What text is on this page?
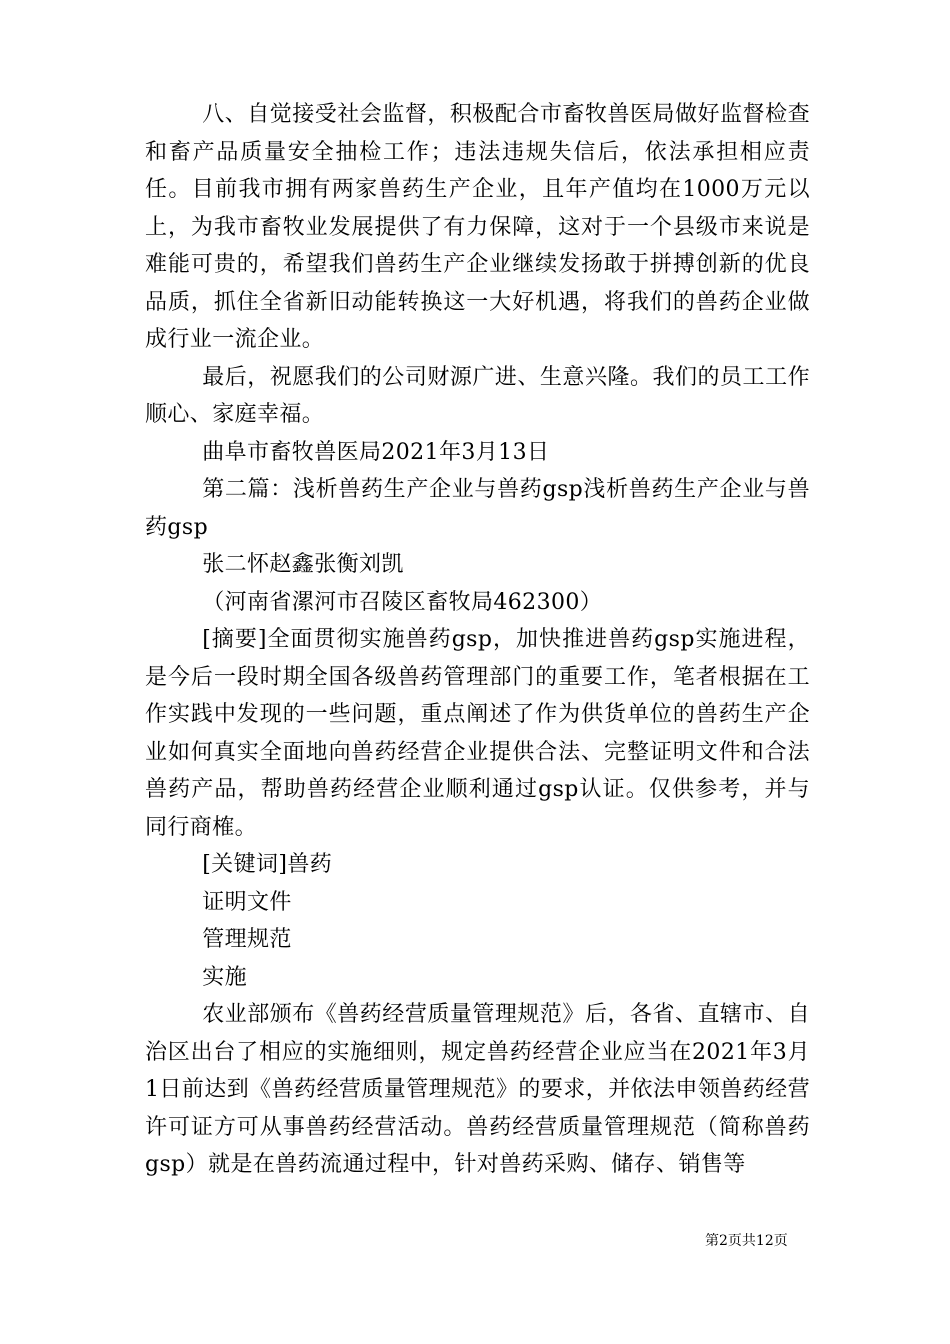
八、自觉接受社会监督，积极配合市畜牧兽医局做好监督检查和畜产品质量安全抽检工作；违法违规失信后，依法承担相应责任。目前我市拥有两家兽药生产企业，且年产值均在1000万元以上，为我市畜牧业发展提供了有力保障，这对于一个县级市来说是难能可贵的，希望我们兽药生产企业继续发扬敢于拼搏创新的优良品质，抓住全省新旧动能转换这一大好机遇，将我们的兽药企业做成行业一流企业。

最后，祝愿我们的公司财源广进、生意兴隆。我们的员工工作顺心、家庭幸福。

曲阜市畜牧兽医局2021年3月13日

第二篇：浅析兽药生产企业与兽药gsp浅析兽药生产企业与兽药gsp

张二怀赵鑫张衡刘凯

（河南省漯河市召陵区畜牧局462300）

[摘要]全面贯彻实施兽药gsp，加快推进兽药gsp实施进程，是今后一段时期全国各级兽药管理部门的重要工作，笔者根据在工作实践中发现的一些问题，重点阐述了作为供货单位的兽药生产企业如何真实全面地向兽药经营企业提供合法、完整证明文件和合法兽药产品，帮助兽药经营企业顺利通过gsp认证。仅供参考，并与同行商榷。

[关键词]兽药

证明文件

管理规范

实施

农业部颁布《兽药经营质量管理规范》后，各省、直辖市、自治区出台了相应的实施细则，规定兽药经营企业应当在2021年3月1日前达到《兽药经营质量管理规范》的要求，并依法申领兽药经营许可证方可从事兽药经营活动。兽药经营质量管理规范（简称兽药gsp）就是在兽药流通过程中，针对兽药采购、储存、销售等

第2页共12页
